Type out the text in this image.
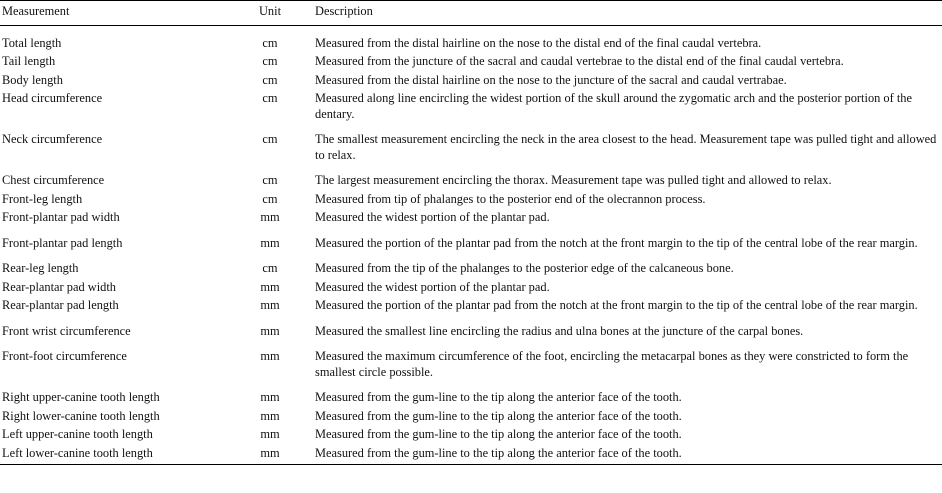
Measurement	Unit	Description
Total length	cm	Measured from the distal hairline on the nose to the distal end of the final caudal vertebra.
Tail length	cm	Measured from the juncture of the sacral and caudal vertebrae to the distal end of the final caudal vertebra.
Body length	cm	Measured from the distal hairline on the nose to the juncture of the sacral and caudal vertrabae.
Head circumference	cm	Measured along line encircling the widest portion of the skull around the zygomatic arch and the posterior portion of the dentary.
Neck circumference	cm	The smallest measurement encircling the neck in the area closest to the head. Measurement tape was pulled tight and allowed to relax.
Chest circumference	cm	The largest measurement encircling the thorax. Measurement tape was pulled tight and allowed to relax.
Front-leg length	cm	Measured from tip of phalanges to the posterior end of the olecrannon process.
Front-plantar pad width	mm	Measured the widest portion of the plantar pad.
Front-plantar pad length	mm	Measured the portion of the plantar pad from the notch at the front margin to the tip of the central lobe of the rear margin.
Rear-leg length	cm	Measured from the tip of the phalanges to the posterior edge of the calcaneous bone.
Rear-plantar pad width	mm	Measured the widest portion of the plantar pad.
Rear-plantar pad length	mm	Measured the portion of the plantar pad from the notch at the front margin to the tip of the central lobe of the rear margin.
Front wrist circumference	mm	Measured the smallest line encircling the radius and ulna bones at the juncture of the carpal bones.
Front-foot circumference	mm	Measured the maximum circumference of the foot, encircling the metacarpal bones as they were constricted to form the smallest circle possible.
Right upper-canine tooth length	mm	Measured from the gum-line to the tip along the anterior face of the tooth.
Right lower-canine tooth length	mm	Measured from the gum-line to the tip along the anterior face of the tooth.
Left upper-canine tooth length	mm	Measured from the gum-line to the tip along the anterior face of the tooth.
Left lower-canine tooth length	mm	Measured from the gum-line to the tip along the anterior face of the tooth.
